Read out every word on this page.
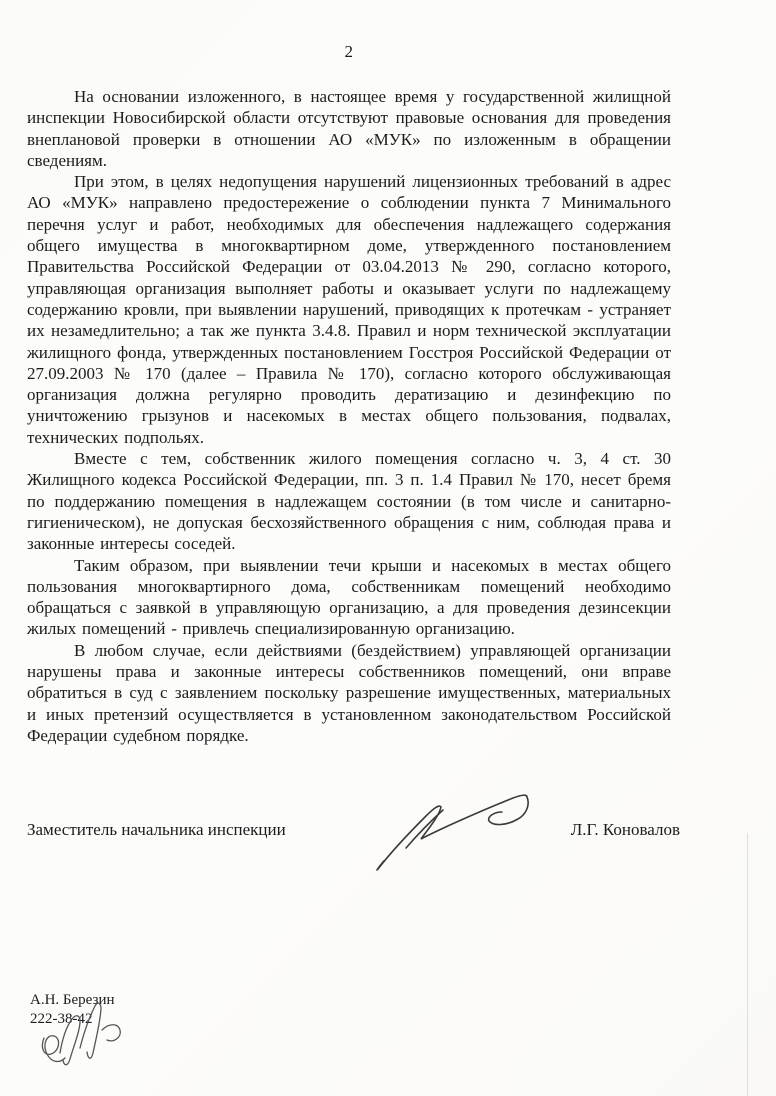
2

На основании изложенного, в настоящее время у государственной жилищной инспекции Новосибирской области отсутствуют правовые основания для проведения внеплановой проверки в отношении АО «МУК» по изложенным в обращении сведениям.

При этом, в целях недопущения нарушений лицензионных требований в адрес АО «МУК» направлено предостережение о соблюдении пункта 7 Минимального перечня услуг и работ, необходимых для обеспечения надлежащего содержания общего имущества в многоквартирном доме, утвержденного постановлением Правительства Российской Федерации от 03.04.2013 № 290, согласно которого, управляющая организация выполняет работы и оказывает услуги по надлежащему содержанию кровли, при выявлении нарушений, приводящих к протечкам - устраняет их незамедлительно; а так же пункта 3.4.8. Правил и норм технической эксплуатации жилищного фонда, утвержденных постановлением Госстроя Российской Федерации от 27.09.2003 № 170 (далее – Правила № 170), согласно которого обслуживающая организация должна регулярно проводить дератизацию и дезинфекцию по уничтожению грызунов и насекомых в местах общего пользования, подвалах, технических подпольях.

Вместе с тем, собственник жилого помещения согласно ч. 3, 4 ст. 30 Жилищного кодекса Российской Федерации, пп. 3 п. 1.4 Правил № 170, несет бремя по поддержанию помещения в надлежащем состоянии (в том числе и санитарно-гигиеническом), не допуская бесхозяйственного обращения с ним, соблюдая права и законные интересы соседей.

Таким образом, при выявлении течи крыши и насекомых в местах общего пользования многоквартирного дома, собственникам помещений необходимо обращаться с заявкой в управляющую организацию, а для проведения дезинсекции жилых помещений - привлечь специализированную организацию.

В любом случае, если действиями (бездействием) управляющей организации нарушены права и законные интересы собственников помещений, они вправе обратиться в суд с заявлением поскольку разрешение имущественных, материальных и иных претензий осуществляется в установленном законодательством Российской Федерации судебном порядке.

Заместитель начальника инспекции	Л.Г. Коновалов
А.Н. Березин
222-38-42
